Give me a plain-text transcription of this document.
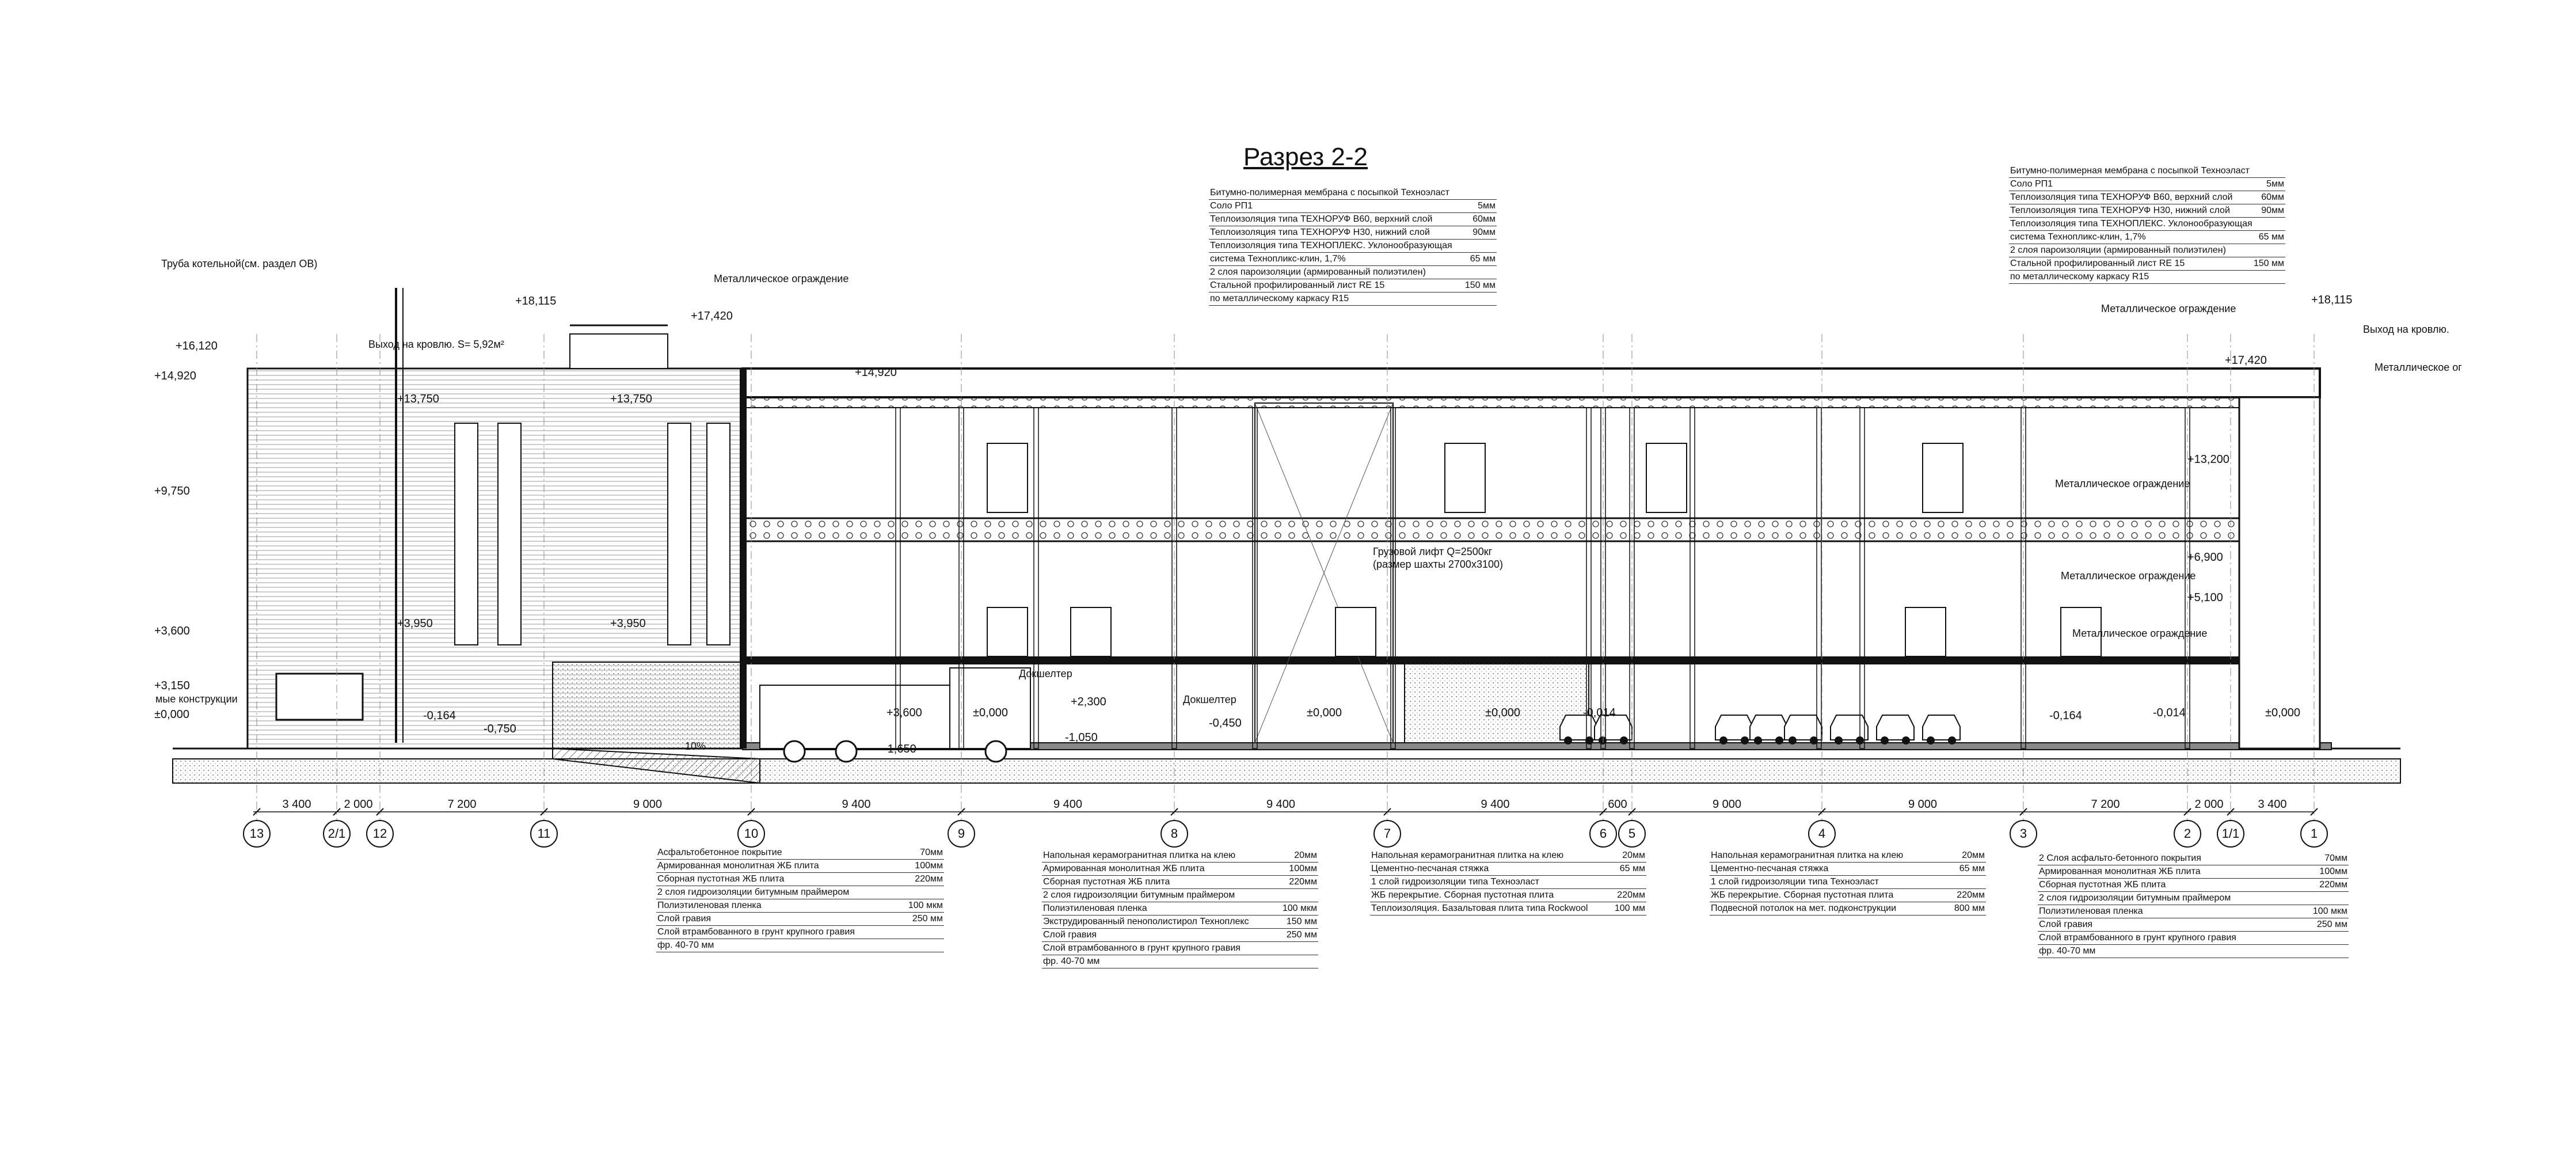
Разрез 2-2
Битумно-полимерная мембрана с посыпкой Техноэласт
Соло РП1	5мм
Теплоизоляция типа ТЕХНОРУФ В60, верхний слой	60мм
Теплоизоляция типа ТЕХНОРУФ Н30, нижний слой	90мм
Теплоизоляция типа ТЕХНОПЛЕКС. Уклонообразующая
система Технопликс-клин, 1,7%	65 мм
2 слоя пароизоляции (армированный полиэтилен)
Стальной профилированный лист RE 15	150 мм
по металлическому каркасу R15
Битумно-полимерная мембрана с посыпкой Техноэласт
Соло РП1	5мм
Теплоизоляция типа ТЕХНОРУФ В60, верхний слой	60мм
Теплоизоляция типа ТЕХНОРУФ Н30, нижний слой	90мм
Теплоизоляция типа ТЕХНОПЛЕКС. Уклонообразующая
система Технопликс-клин, 1,7%	65 мм
2 слоя пароизоляции (армированный полиэтилен)
Стальной профилированный лист RE 15	150 мм
по металлическому каркасу R15
Асфальтобетонное покрытие	70мм
Армированная монолитная ЖБ плита	100мм
Сборная пустотная ЖБ плита	220мм
2 слоя гидроизоляции битумным праймером
Полиэтиленовая пленка	100 мкм
Слой гравия	250 мм
Слой втрамбованного в грунт крупного гравия
фр. 40-70 мм
Напольная керамогранитная плитка на клею	20мм
Армированная монолитная ЖБ плита	100мм
Сборная пустотная ЖБ плита	220мм
2 слоя гидроизоляции битумным праймером
Полиэтиленовая пленка	100 мкм
Экструдированный пенополистирол Техноплекс	150 мм
Слой гравия	250 мм
Слой втрамбованного в грунт крупного гравия
фр. 40-70 мм
Напольная керамогранитная плитка на клею	20мм
Цементно-песчаная стяжка	65 мм
1 слой гидроизоляции типа Техноэласт
ЖБ перекрытие. Сборная пустотная плита	220мм
Теплоизоляция. Базальтовая плита типа Rockwool	100 мм
Напольная керамогранитная плитка на клею	20мм
Цементно-песчаная стяжка	65 мм
1 слой гидроизоляции типа Техноэласт
ЖБ перекрытие. Сборная пустотная плита	220мм
Подвесной потолок на мет. подконструкции	800 мм
2 Слоя асфальто-бетонного покрытия	70мм
Армированная монолитная ЖБ плита	100мм
Сборная пустотная ЖБ плита	220мм
2 слоя гидроизоляции битумным праймером
Полиэтиленовая пленка	100 мкм
Слой гравия	250 мм
Слой втрамбованного в грунт крупного гравия
фр. 40-70 мм
Труба котельной(см. раздел ОВ)
Металлическое ограждение
Выход на кровлю. S= 5,92м²
Металлическое ограждение
Выход на кровлю.
Металлическое ог
Металлическое ограждение
Металлическое ограждение
Металлическое ограждение
Грузовой лифт Q=2500кг
(размер шахты 2700х3100)
Докшелтер
Докшелтер
мые конструкции
10%
+16,120
+14,920
+9,750
+3,600
+3,150
±0,000
+18,115
+17,420
+13,750	+13,750
+3,950	+3,950
+14,920
-0,164
-0,750
+3,600	±0,000
+2,300
-1,050
-0,450
±0,000	±0,000
-1,650
-0,014
+18,115
+17,420
+13,200
+6,900
+5,100
±0,000
-0,164	-0,014
13	2/1	12	11	10	9	8	7	6	5	4	3	2	1/1	1
3 400	2 000	7 200	9 000	9 400	9 400	9 400	9 400	600	9 000	9 000	7 200	2 000	3 400
